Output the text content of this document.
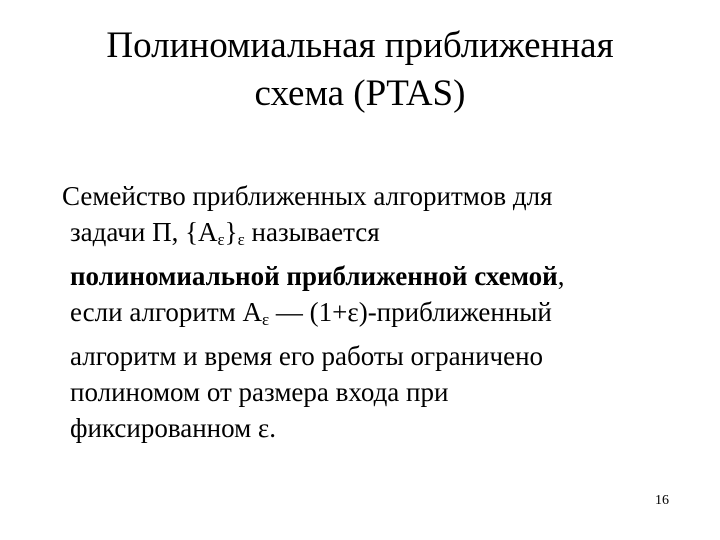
Полиномиальная приближенная
схема (PTAS)
Семейство приближенных алгоритмов для
задачи Π, $\{A_\varepsilon\}_\varepsilon$ называется
полиномиальной приближенной схемой,
если алгоритм $A_\varepsilon$ — (1+ε)-приближенный
алгоритм и время его работы ограничено
полиномом от размера входа при
фиксированном ε.
16
